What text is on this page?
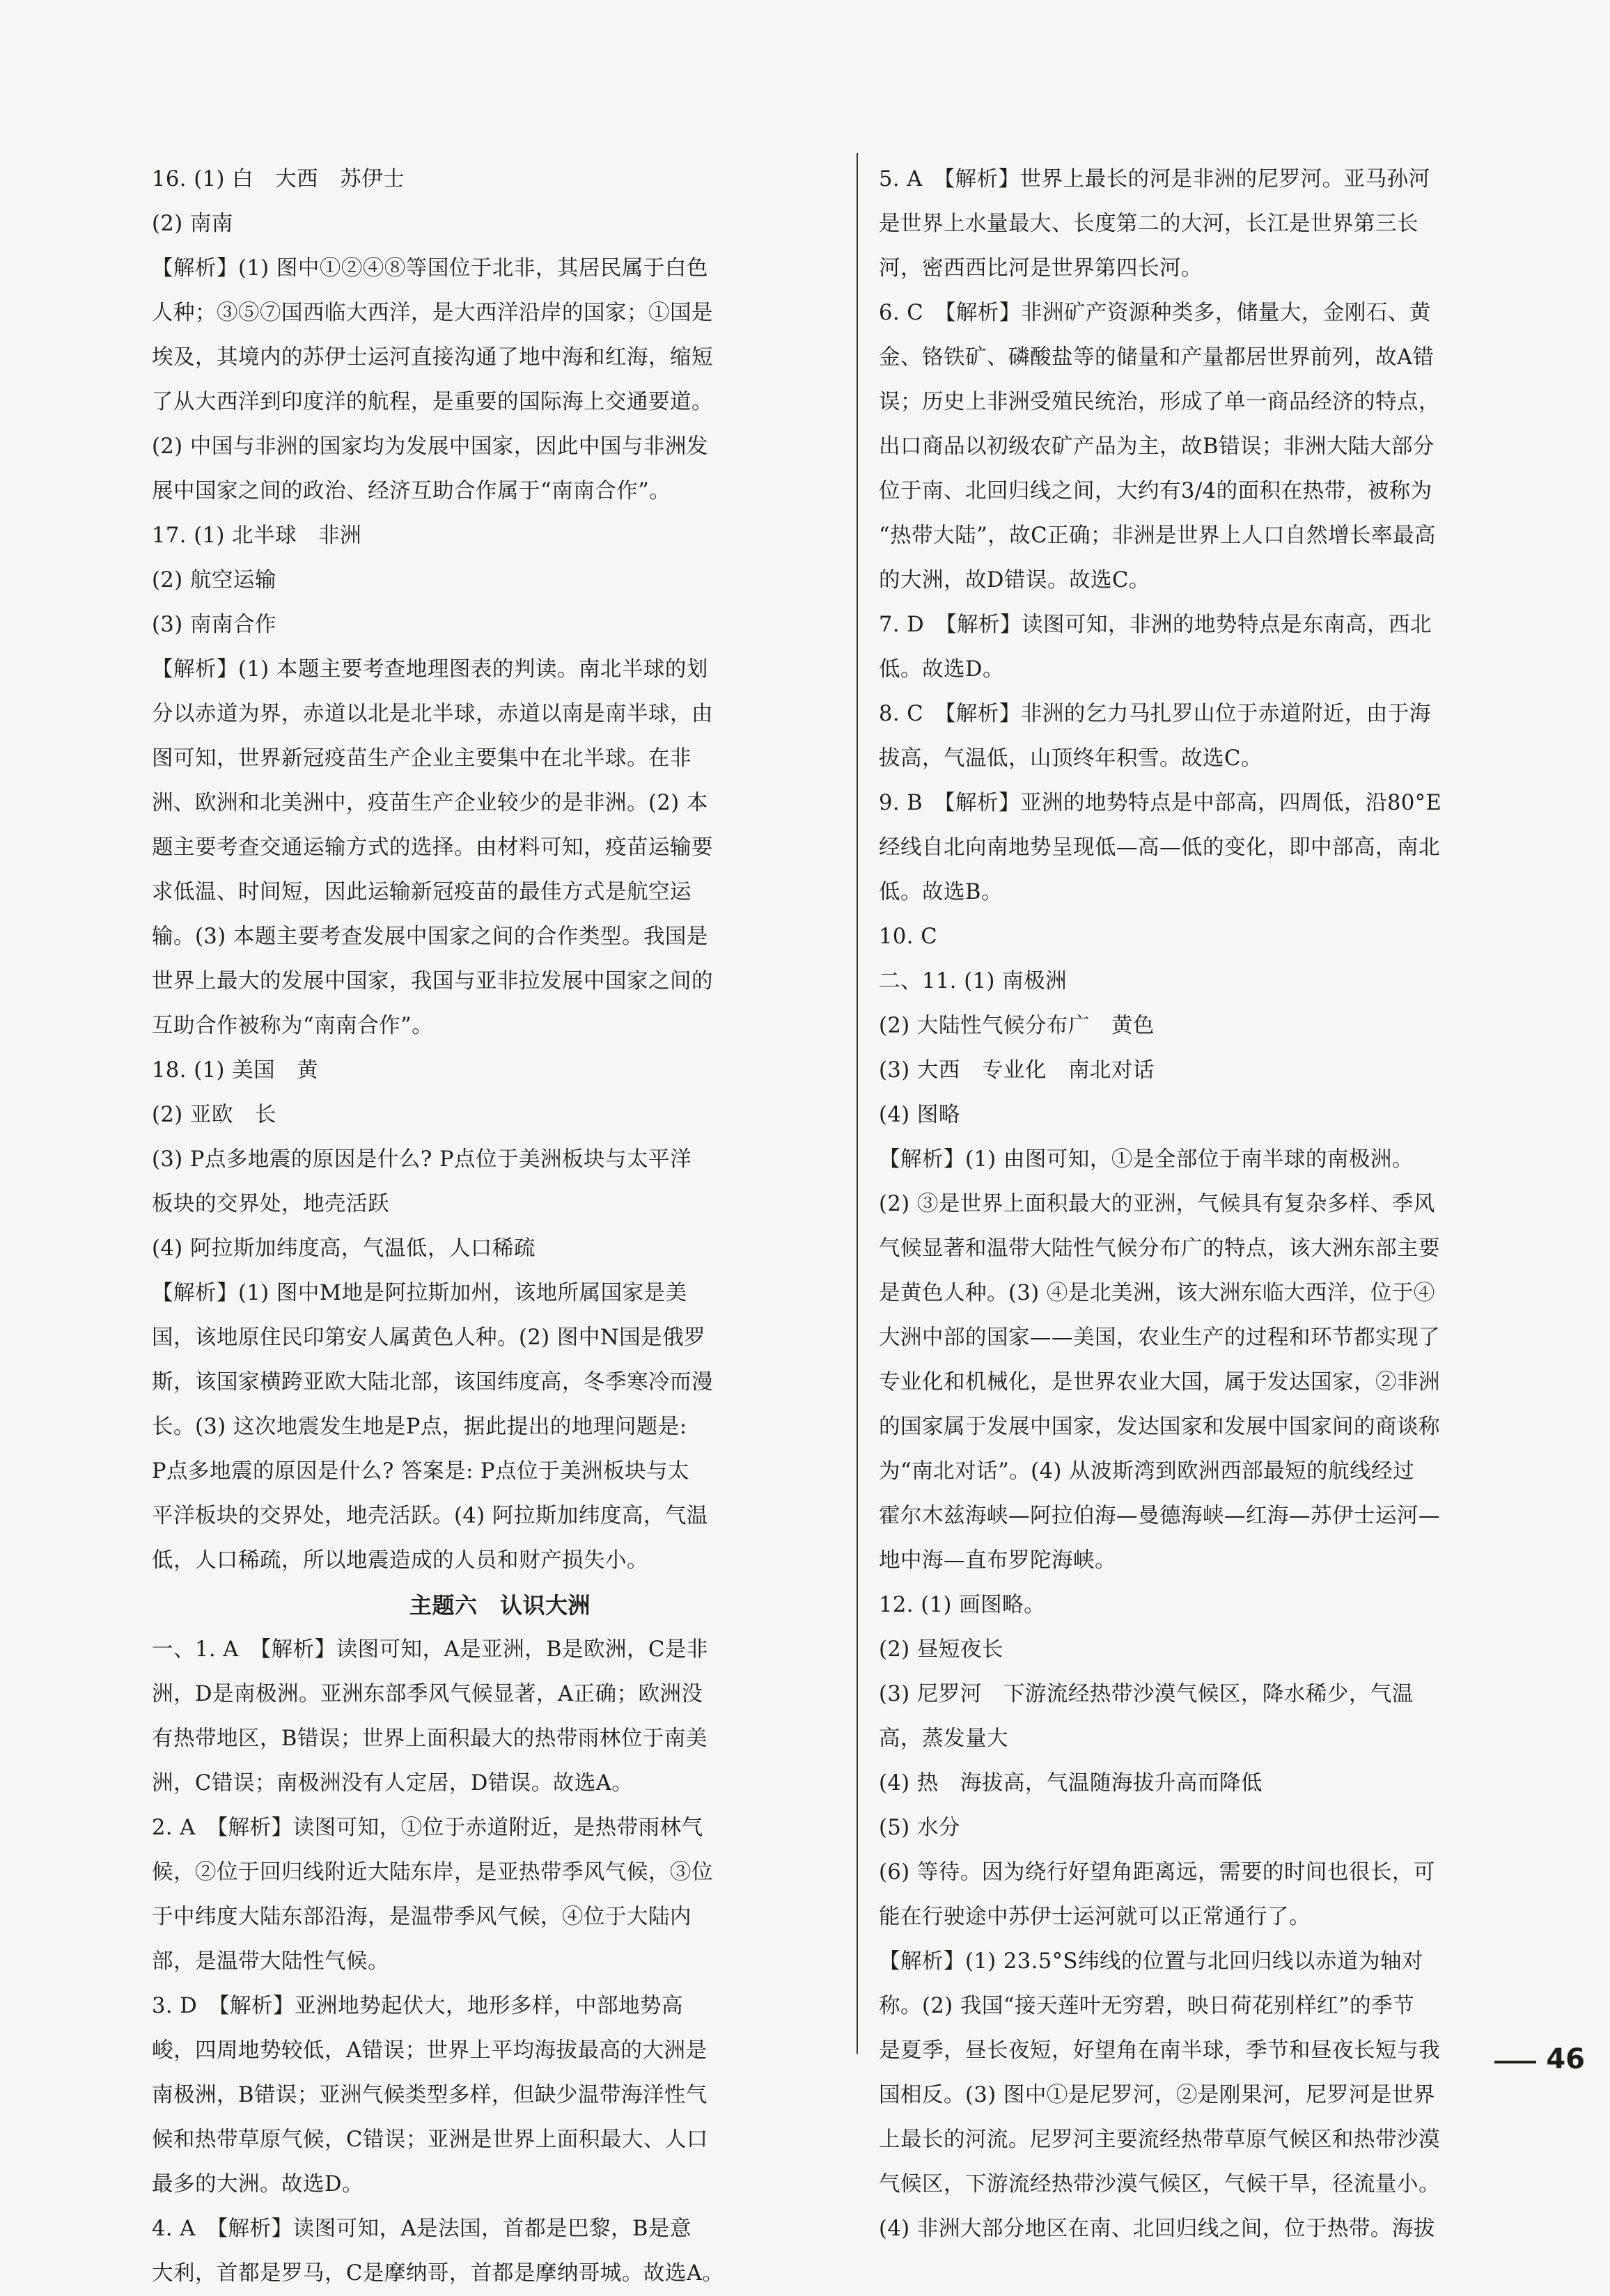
16. (1) 白　大西　苏伊士
(2) 南南
【解析】(1) 图中①②④⑧等国位于北非，其居民属于白色
人种；③⑤⑦国西临大西洋，是大西洋沿岸的国家；①国是
埃及，其境内的苏伊士运河直接沟通了地中海和红海，缩短
了从大西洋到印度洋的航程，是重要的国际海上交通要道。
(2) 中国与非洲的国家均为发展中国家，因此中国与非洲发
展中国家之间的政治、经济互助合作属于“南南合作”。
17. (1) 北半球　非洲
(2) 航空运输
(3) 南南合作
【解析】(1) 本题主要考查地理图表的判读。南北半球的划
分以赤道为界，赤道以北是北半球，赤道以南是南半球，由
图可知，世界新冠疫苗生产企业主要集中在北半球。在非
洲、欧洲和北美洲中，疫苗生产企业较少的是非洲。(2) 本
题主要考查交通运输方式的选择。由材料可知，疫苗运输要
求低温、时间短，因此运输新冠疫苗的最佳方式是航空运
输。(3) 本题主要考查发展中国家之间的合作类型。我国是
世界上最大的发展中国家，我国与亚非拉发展中国家之间的
互助合作被称为“南南合作”。
18. (1) 美国　黄
(2) 亚欧　长
(3) P点多地震的原因是什么? P点位于美洲板块与太平洋
板块的交界处，地壳活跃
(4) 阿拉斯加纬度高，气温低，人口稀疏
【解析】(1) 图中M地是阿拉斯加州，该地所属国家是美
国，该地原住民印第安人属黄色人种。(2) 图中N国是俄罗
斯，该国家横跨亚欧大陆北部，该国纬度高，冬季寒冷而漫
长。(3) 这次地震发生地是P点，据此提出的地理问题是:
P点多地震的原因是什么? 答案是: P点位于美洲板块与太
平洋板块的交界处，地壳活跃。(4) 阿拉斯加纬度高，气温
低，人口稀疏，所以地震造成的人员和财产损失小。
主题六　认识大洲
一、1. A　【解析】读图可知，A是亚洲，B是欧洲，C是非
洲，D是南极洲。亚洲东部季风气候显著，A正确；欧洲没
有热带地区，B错误；世界上面积最大的热带雨林位于南美
洲，C错误；南极洲没有人定居，D错误。故选A。
2. A　【解析】读图可知，①位于赤道附近，是热带雨林气
候，②位于回归线附近大陆东岸，是亚热带季风气候，③位
于中纬度大陆东部沿海，是温带季风气候，④位于大陆内
部，是温带大陆性气候。
3. D　【解析】亚洲地势起伏大，地形多样，中部地势高
峻，四周地势较低，A错误；世界上平均海拔最高的大洲是
南极洲，B错误；亚洲气候类型多样，但缺少温带海洋性气
候和热带草原气候，C错误；亚洲是世界上面积最大、人口
最多的大洲。故选D。
4. A　【解析】读图可知，A是法国，首都是巴黎，B是意
大利，首都是罗马，C是摩纳哥，首都是摩纳哥城。故选A。
5. A　【解析】世界上最长的河是非洲的尼罗河。亚马孙河
是世界上水量最大、长度第二的大河，长江是世界第三长
河，密西西比河是世界第四长河。
6. C　【解析】非洲矿产资源种类多，储量大，金刚石、黄
金、铬铁矿、磷酸盐等的储量和产量都居世界前列，故A错
误；历史上非洲受殖民统治，形成了单一商品经济的特点，
出口商品以初级农矿产品为主，故B错误；非洲大陆大部分
位于南、北回归线之间，大约有3/4的面积在热带，被称为
“热带大陆”，故C正确；非洲是世界上人口自然增长率最高
的大洲，故D错误。故选C。
7. D　【解析】读图可知，非洲的地势特点是东南高，西北
低。故选D。
8. C　【解析】非洲的乞力马扎罗山位于赤道附近，由于海
拔高，气温低，山顶终年积雪。故选C。
9. B　【解析】亚洲的地势特点是中部高，四周低，沿80°E
经线自北向南地势呈现低—高—低的变化，即中部高，南北
低。故选B。
10. C
二、11. (1) 南极洲
(2) 大陆性气候分布广　黄色
(3) 大西　专业化　南北对话
(4) 图略
【解析】(1) 由图可知，①是全部位于南半球的南极洲。
(2) ③是世界上面积最大的亚洲，气候具有复杂多样、季风
气候显著和温带大陆性气候分布广的特点，该大洲东部主要
是黄色人种。(3) ④是北美洲，该大洲东临大西洋，位于④
大洲中部的国家——美国，农业生产的过程和环节都实现了
专业化和机械化，是世界农业大国，属于发达国家，②非洲
的国家属于发展中国家，发达国家和发展中国家间的商谈称
为“南北对话”。(4) 从波斯湾到欧洲西部最短的航线经过
霍尔木兹海峡—阿拉伯海—曼德海峡—红海—苏伊士运河—
地中海—直布罗陀海峡。
12. (1) 画图略。
(2) 昼短夜长
(3) 尼罗河　下游流经热带沙漠气候区，降水稀少，气温
高，蒸发量大
(4) 热　海拔高，气温随海拔升高而降低
(5) 水分
(6) 等待。因为绕行好望角距离远，需要的时间也很长，可
能在行驶途中苏伊士运河就可以正常通行了。
【解析】(1) 23.5°S纬线的位置与北回归线以赤道为轴对
称。(2) 我国“接天莲叶无穷碧，映日荷花别样红”的季节
是夏季，昼长夜短，好望角在南半球，季节和昼夜长短与我
国相反。(3) 图中①是尼罗河，②是刚果河，尼罗河是世界
上最长的河流。尼罗河主要流经热带草原气候区和热带沙漠
气候区，下游流经热带沙漠气候区，气候干旱，径流量小。
(4) 非洲大部分地区在南、北回归线之间，位于热带。海拔
46
